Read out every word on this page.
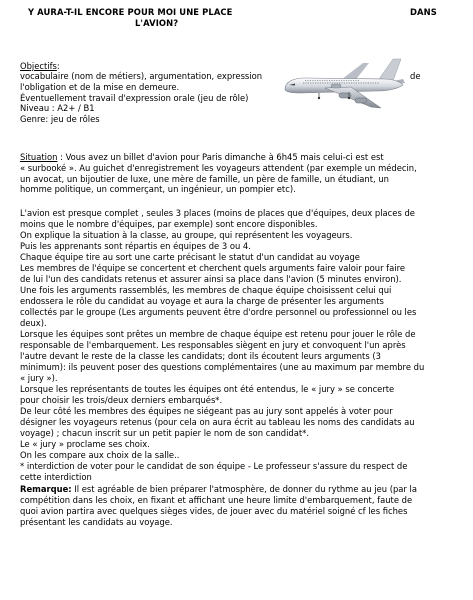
Y AURA-T-IL ENCORE POUR MOI UNE PLACE	DANS
L'AVION?
Objectifs:
vocabulaire (nom de métiers), argumentation, expression	de
l'obligation et de la mise en demeure.
Éventuellement travail d'expression orale (jeu de rôle)
Niveau : A2+ / B1
Genre: jeu de rôles
Situation : Vous avez un billet d'avion pour Paris dimanche à 6h45 mais celui-ci est est
« surbooké ». Au guichet d'enregistrement les voyageurs attendent (par exemple un médecin,
un avocat, un bijoutier de luxe, une mère de famille, un père de famille, un étudiant, un
homme politique, un commerçant, un ingénieur, un pompier etc).
L'avion est presque complet , seules 3 places (moins de places que d'équipes, deux places de
moins que le nombre d'équipes, par exemple) sont encore disponibles.
On explique la situation à la classe, au groupe, qui représentent les voyageurs.
Puis les apprenants sont répartis en équipes de 3 ou 4.
Chaque équipe tire au sort une carte précisant le statut d'un candidat au voyage
Les membres de l'équipe se concertent et cherchent quels arguments faire valoir pour faire
de lui l'un des candidats retenus et assurer ainsi sa place dans l'avion (5 minutes environ).
Une fois les arguments rassemblés, les membres de chaque équipe choisissent celui qui
endossera le rôle du candidat au voyage et aura la charge de présenter les arguments
collectés par le groupe (Les arguments peuvent être d'ordre personnel ou professionnel ou les
deux).
Lorsque les équipes sont prêtes un membre de chaque équipe est retenu pour jouer le rôle de
responsable de l'embarquement. Les responsables siègent en jury et convoquent l'un après
l'autre devant le reste de la classe les candidats; dont ils écoutent leurs arguments (3
minimum): ils peuvent poser des questions complémentaires (une au maximum par membre du
« jury »).
Lorsque les représentants de toutes les équipes ont été entendus, le « jury » se concerte
pour choisir les trois/deux derniers embarqués*.
De leur côté les membres des équipes ne siégeant pas au jury sont appelés à voter pour
désigner les voyageurs retenus (pour cela on aura écrit au tableau les noms des candidats au
voyage) ; chacun inscrit sur un petit papier le nom de son candidat*.
Le « jury » proclame ses choix.
On les compare aux choix de la salle..
* interdiction de voter pour le candidat de son équipe - Le professeur s'assure du respect de
cette interdiction
Remarque: Il est agréable de bien préparer l'atmosphère, de donner du rythme au jeu (par la
compétition dans les choix, en fixant et affichant une heure limite d'embarquement, faute de
quoi avion partira avec quelques sièges vides, de jouer avec du matériel soigné cf les fiches
présentant les candidats au voyage.
